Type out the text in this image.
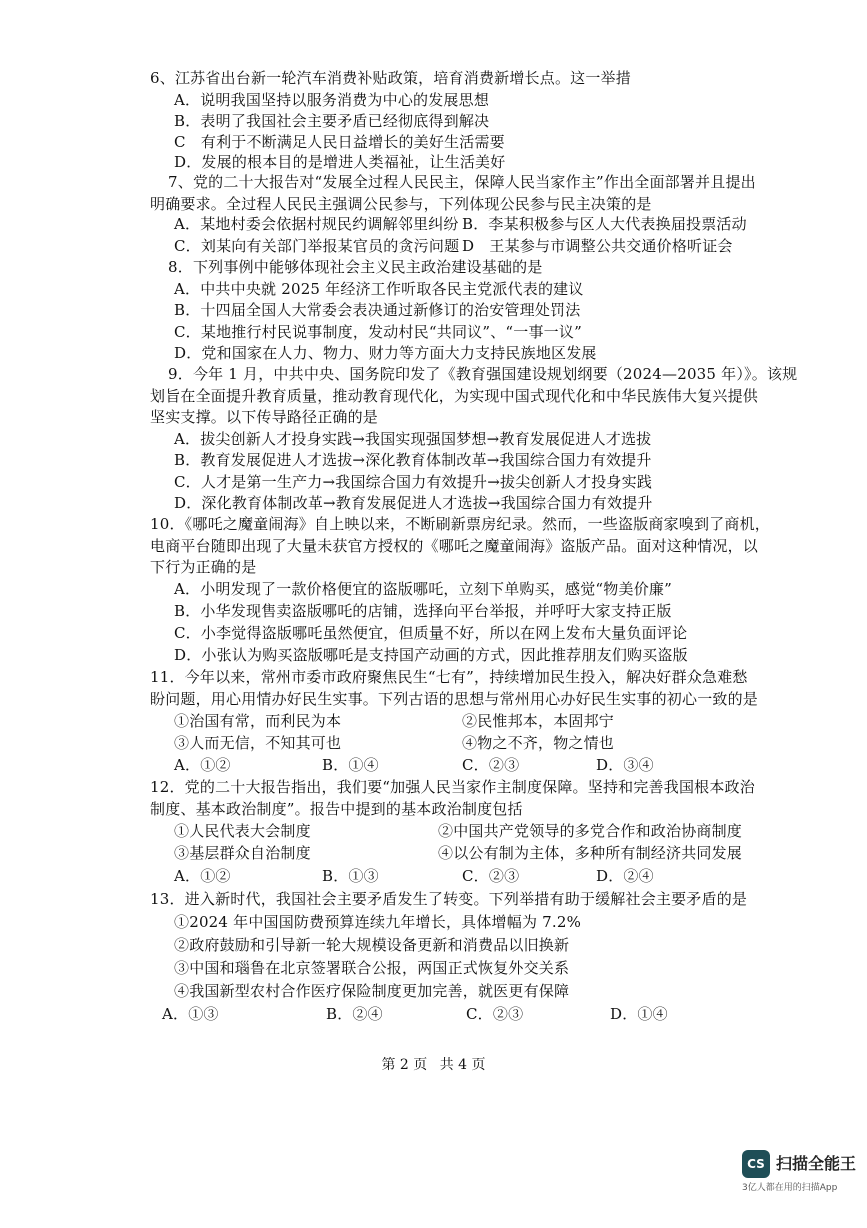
6、江苏省出台新一轮汽车消费补贴政策，培育消费新增长点。这一举措
A．说明我国坚持以服务消费为中心的发展思想
B．表明了我国社会主要矛盾已经彻底得到解决
C　有利于不断满足人民日益增长的美好生活需要
D．发展的根本目的是增进人类福祉，让生活美好
7、党的二十大报告对“发展全过程人民民主，保障人民当家作主”作出全面部署并且提出
明确要求。全过程人民民主强调公民参与，下列体现公民参与民主决策的是
A．某地村委会依据村规民约调解邻里纠纷 B．李某积极参与区人大代表换届投票活动
C．刘某向有关部门举报某官员的贪污问题 D　王某参与市调整公共交通价格听证会
8．下列事例中能够体现社会主义民主政治建设基础的是
A．中共中央就 2025 年经济工作听取各民主党派代表的建议
B．十四届全国人大常委会表决通过新修订的治安管理处罚法
C．某地推行村民说事制度，发动村民“共同议”、“一事一议”
D．党和国家在人力、物力、财力等方面大力支持民族地区发展
9．今年 1 月，中共中央、国务院印发了《教育强国建设规划纲要（2024—2035 年）》。该规
划旨在全面提升教育质量，推动教育现代化，为实现中国式现代化和中华民族伟大复兴提供
坚实支撑。以下传导路径正确的是
A．拔尖创新人才投身实践→我国实现强国梦想→教育发展促进人才选拔
B．教育发展促进人才选拔→深化教育体制改革→我国综合国力有效提升
C．人才是第一生产力→我国综合国力有效提升→拔尖创新人才投身实践
D．深化教育体制改革→教育发展促进人才选拔→我国综合国力有效提升
10．《哪吒之魔童闹海》自上映以来，不断刷新票房纪录。然而，一些盗版商家嗅到了商机，
电商平台随即出现了大量未获官方授权的《哪吒之魔童闹海》盗版产品。面对这种情况，以
下行为正确的是
A．小明发现了一款价格便宜的盗版哪吒，立刻下单购买，感觉“物美价廉”
B．小华发现售卖盗版哪吒的店铺，选择向平台举报，并呼吁大家支持正版
C．小李觉得盗版哪吒虽然便宜，但质量不好，所以在网上发布大量负面评论
D．小张认为购买盗版哪吒是支持国产动画的方式，因此推荐朋友们购买盗版
11．今年以来，常州市委市政府聚焦民生“七有”，持续增加民生投入，解决好群众急难愁
盼问题，用心用情办好民生实事。下列古语的思想与常州用心办好民生实事的初心一致的是
①治国有常，而利民为本	②民惟邦本，本固邦宁
③人而无信，不知其可也	④物之不齐，物之情也
A．①②	B．①④	C．②③	D．③④
12．党的二十大报告指出，我们要“加强人民当家作主制度保障。坚持和完善我国根本政治
制度、基本政治制度”。报告中提到的基本政治制度包括
①人民代表大会制度	②中国共产党领导的多党合作和政治协商制度
③基层群众自治制度	④以公有制为主体，多种所有制经济共同发展
A．①②	B．①③	C．②③	D．②④
13．进入新时代，我国社会主要矛盾发生了转变。下列举措有助于缓解社会主要矛盾的是
①2024 年中国国防费预算连续九年增长，具体增幅为 7.2%
②政府鼓励和引导新一轮大规模设备更新和消费品以旧换新
③中国和瑙鲁在北京签署联合公报，两国正式恢复外交关系
④我国新型农村合作医疗保险制度更加完善，就医更有保障
A．①③	B．②④	C．②③	D．①④
第 2 页 共 4 页
CS 扫描全能王
3亿人都在用的扫描App
